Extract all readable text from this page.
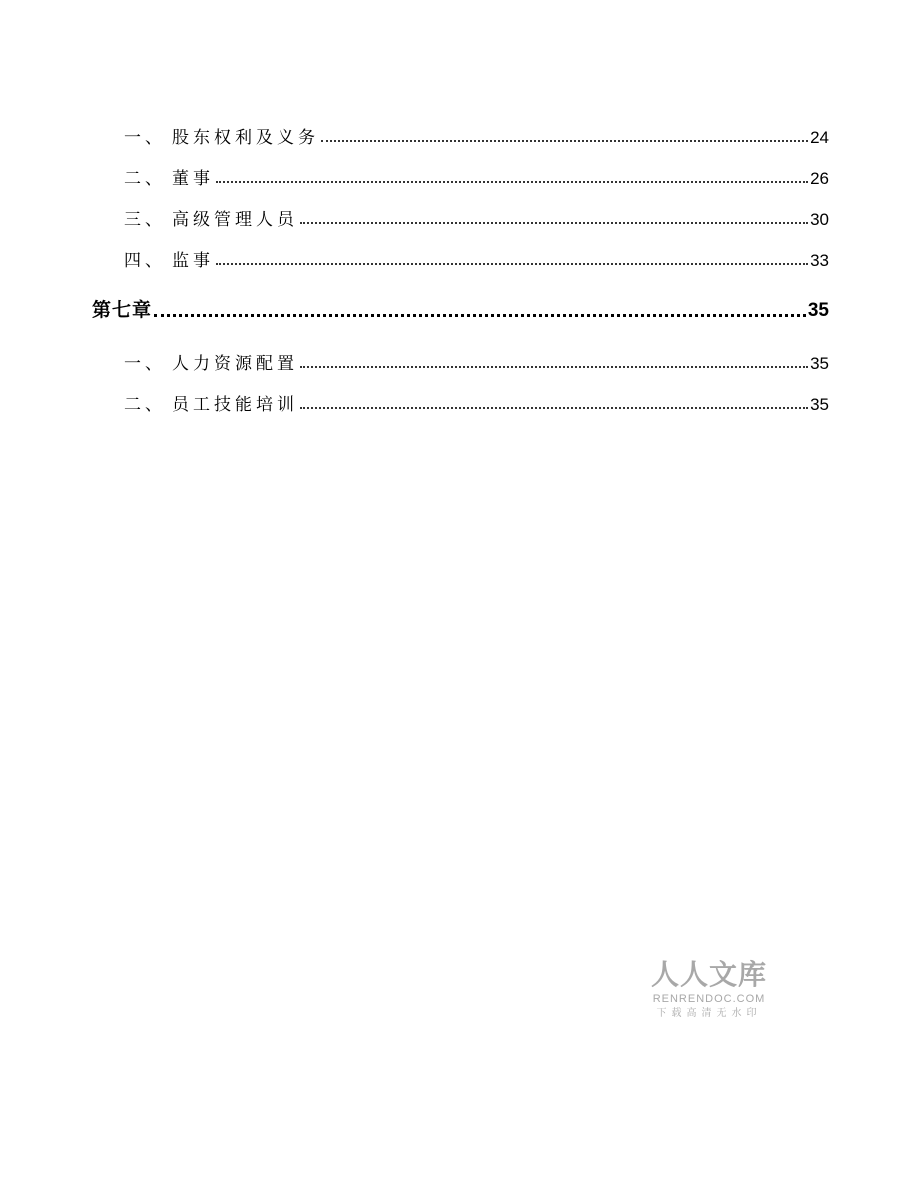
一、 股东权利及义务	24
二、 董事	26
三、 高级管理人员	30
四、 监事	33
第七章	35
一、 人力资源配置	35
二、 员工技能培训	35
人人文库
RENRENDOC.COM
下载高清无水印
